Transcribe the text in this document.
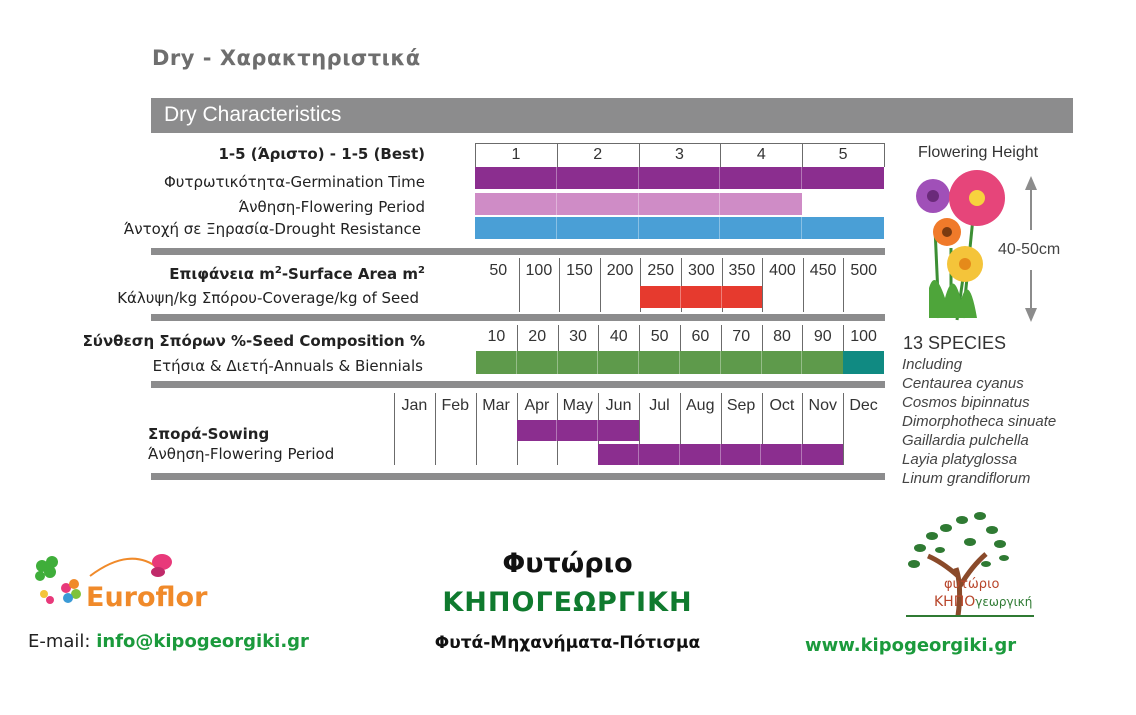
Dry - Χαρακτηριστικά
Dry Characteristics
1-5 (Άριστο) - 1-5 (Best)
Φυτρωτικότητα-Germination Time
Άνθηση-Flowering Period
Άντοχή σε Ξηρασία-Drought Resistance
1	2	3	4	5
Επιφάνεια $m^2$-Surface Area $m^2$
Κάλυψη/kg Σπόρου-Coverage/kg of Seed
50	100 150 200 250 300 350 400 450 500
Σύνθεση Σπόρων %-Seed Composition %
Ετήσια & Διετή-Annuals & Biennials
10	20	30	40	50	60	70	80	90	100
Σπορά-Sowing
Άνθηση-Flowering Period
Jan Feb Mar Apr May Jun	Jul	Aug Sep Oct Nov Dec
Flowering Height
40-50cm
13 SPECIES
Including
Centaurea cyanus
Cosmos bipinnatus
Dimorphotheca sinuate
Gaillardia pulchella
Layia platyglossa
Linum grandiflorum
Euroflor
E-mail: info@kipogeorgiki.gr
Φυτώριο
ΚΗΠΟΓΕΩΡΓΙΚΗ
Φυτά-Μηχανήματα-Πότισμα
φυτώριο
ΚΗΠΟγεωργική
www.kipogeorgiki.gr
